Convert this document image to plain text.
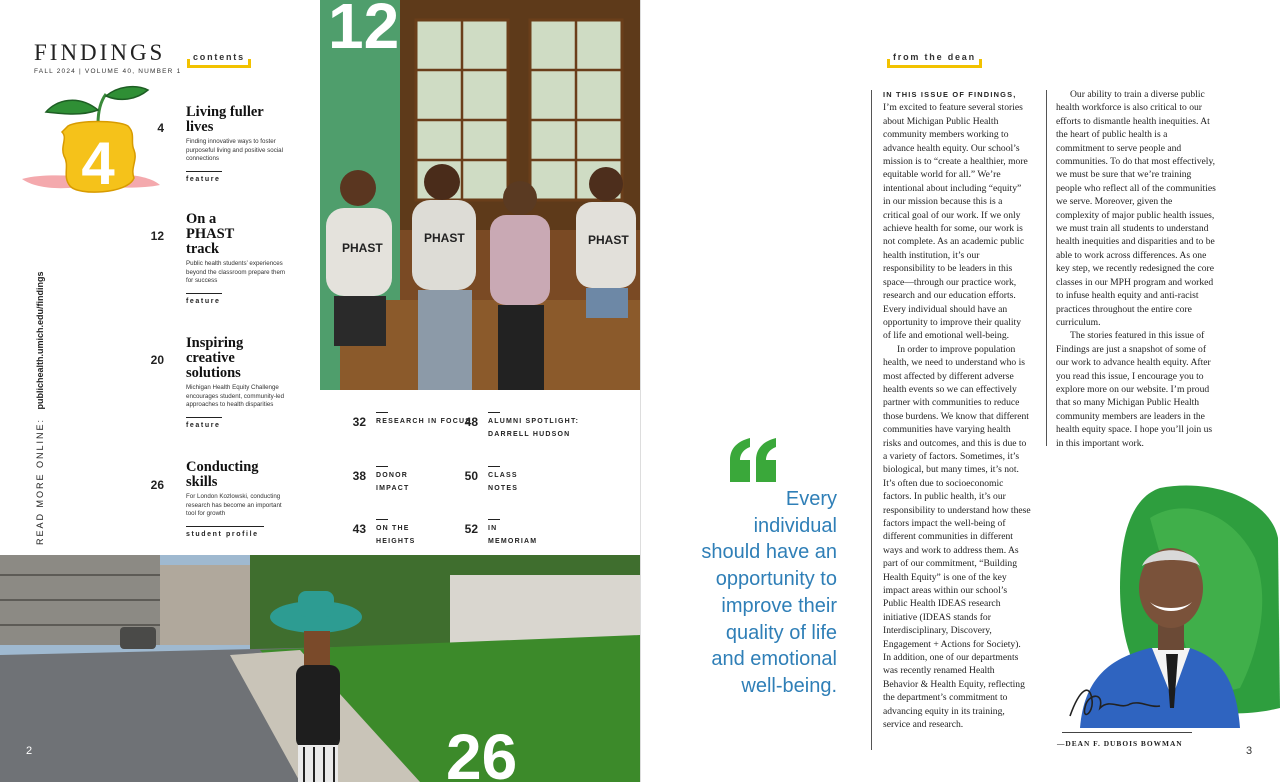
FINDINGS
FALL 2024 | VOLUME 40, NUMBER 1
contents
4
4
Living fuller lives
Finding innovative ways to foster purposeful living and positive social connections
feature
12
On a PHAST track
Public health students’ experiences beyond the classroom prepare them for success
feature
20
Inspiring creative solutions
Michigan Health Equity Challenge encourages student, community-led approaches to health disparities
feature
26
Conducting skills
For London Kozlowski, conducting research has become an important tool for growth
student profile
READ MORE ONLINE: publichealth.umich.edu/findings
PHAST
PHAST	PHAST
12
32 RESEARCH IN FOCUS
48 ALUMNI SPOTLIGHT: DARRELL HUDSON
38 DONOR IMPACT
50 CLASS NOTES
43 ON THE HEIGHTS
52 IN MEMORIAM
26
2
from the dean
Every individual should have an opportunity to improve their quality of life and emotional well-being.

IN THIS ISSUE OF FINDINGS, I’m excited to feature several stories about Michigan Public Health community members working to advance health equity. Our school’s mission is to “create a healthier, more equitable world for all.” We’re intentional about including “equity” in our mission because this is a critical goal of our work. If we only achieve health for some, our work is not complete. As an academic public health institution, it’s our responsibility to be leaders in this space—through our practice work, research and our education efforts. Every individual should have an opportunity to improve their quality of life and emotional well-being.

In order to improve population health, we need to understand who is most affected by different adverse health events so we can effectively partner with communities to reduce those burdens. We know that different communities have varying health risks and outcomes, and this is due to a variety of factors. Sometimes, it’s biological, but many times, it’s not. It’s often due to socioeconomic factors. In public health, it’s our responsibility to understand how these factors impact the well-being of different communities in different ways and work to address them. As part of our commitment, “Building Health Equity” is one of the key impact areas within our school’s Public Health IDEAS research initiative (IDEAS stands for Interdisciplinary, Discovery, Engagement + Actions for Society). In addition, one of our departments was recently renamed Health Behavior & Health Equity, reflecting the department’s commitment to advancing equity in its training, service and research.

Our ability to train a diverse public health workforce is also critical to our efforts to dismantle health inequities. At the heart of public health is a commitment to serve people and communities. To do that most effectively, we must be sure that we’re training people who reflect all of the communities we serve. Moreover, given the complexity of major public health issues, we must train all students to understand health inequities and disparities and to be able to work across differences. As one key step, we recently redesigned the core classes in our MPH program and worked to infuse health equity and anti-racist practices throughout the entire core curriculum.

The stories featured in this issue of Findings are just a snapshot of some of our work to advance health equity. After you read this issue, I encourage you to explore more on our website. I’m proud that so many Michigan Public Health community members are leaders in the health equity space. I hope you’ll join us in this important work.

—DEAN F. DUBOIS BOWMAN
3
